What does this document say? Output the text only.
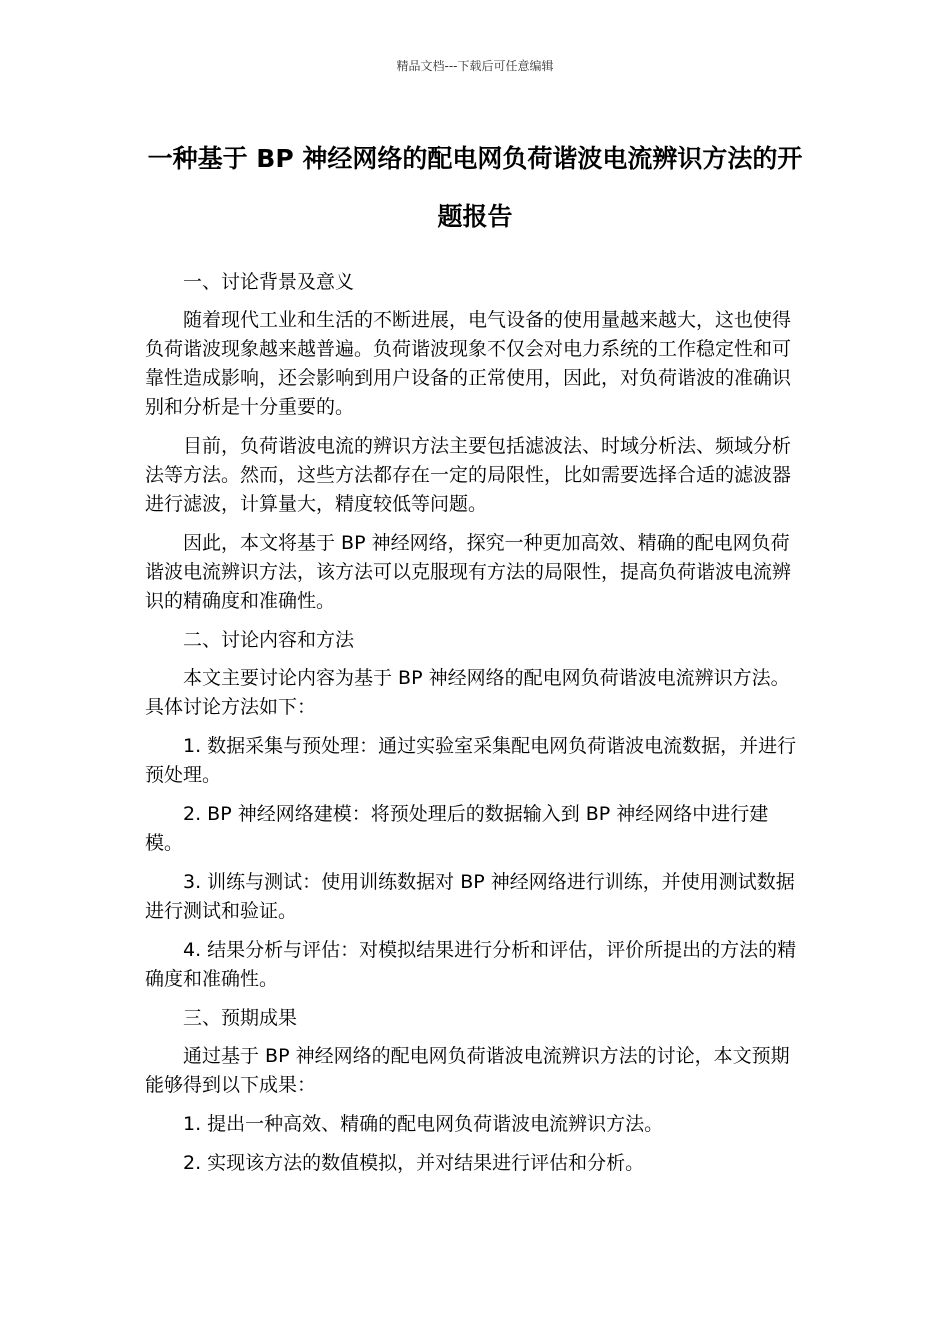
精品文档---下载后可任意编辑
一种基于 BP 神经网络的配电网负荷谐波电流辨识方法的开题报告

一、讨论背景及意义

随着现代工业和生活的不断进展，电气设备的使用量越来越大，这也使得负荷谐波现象越来越普遍。负荷谐波现象不仅会对电力系统的工作稳定性和可靠性造成影响，还会影响到用户设备的正常使用，因此，对负荷谐波的准确识别和分析是十分重要的。

目前，负荷谐波电流的辨识方法主要包括滤波法、时域分析法、频域分析法等方法。然而，这些方法都存在一定的局限性，比如需要选择合适的滤波器进行滤波，计算量大，精度较低等问题。

因此，本文将基于 BP 神经网络，探究一种更加高效、精确的配电网负荷谐波电流辨识方法，该方法可以克服现有方法的局限性，提高负荷谐波电流辨识的精确度和准确性。

二、讨论内容和方法

本文主要讨论内容为基于 BP 神经网络的配电网负荷谐波电流辨识方法。具体讨论方法如下：

1. 数据采集与预处理：通过实验室采集配电网负荷谐波电流数据，并进行预处理。

2. BP 神经网络建模：将预处理后的数据输入到 BP 神经网络中进行建模。

3. 训练与测试：使用训练数据对 BP 神经网络进行训练，并使用测试数据进行测试和验证。

4. 结果分析与评估：对模拟结果进行分析和评估，评价所提出的方法的精确度和准确性。

三、预期成果

通过基于 BP 神经网络的配电网负荷谐波电流辨识方法的讨论，本文预期能够得到以下成果：

1. 提出一种高效、精确的配电网负荷谐波电流辨识方法。

2. 实现该方法的数值模拟，并对结果进行评估和分析。
